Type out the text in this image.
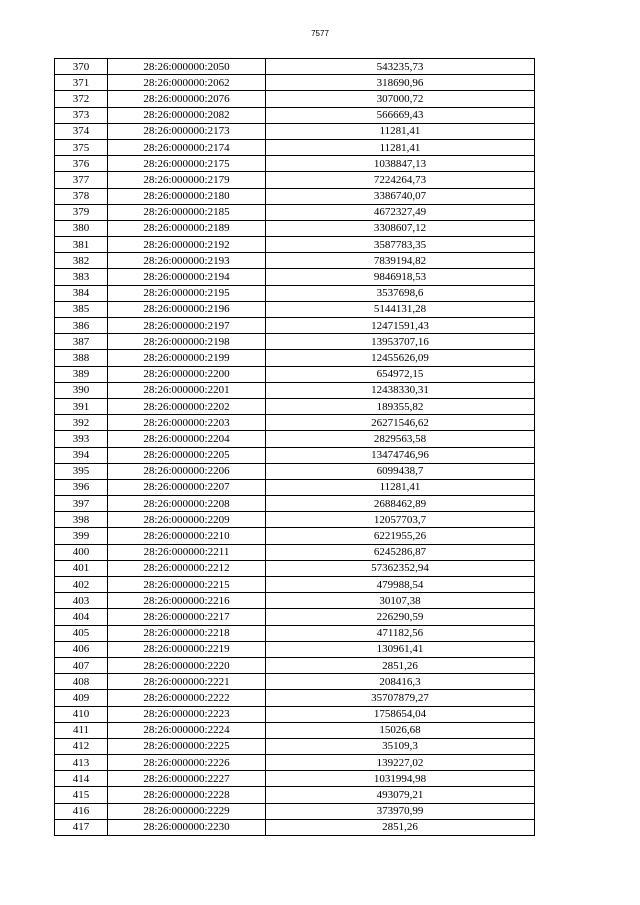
7577
370	28:26:000000:2050	543235,73
371	28:26:000000:2062	318690,96
372	28:26:000000:2076	307000,72
373	28:26:000000:2082	566669,43
374	28:26:000000:2173	11281,41
375	28:26:000000:2174	11281,41
376	28:26:000000:2175	1038847,13
377	28:26:000000:2179	7224264,73
378	28:26:000000:2180	3386740,07
379	28:26:000000:2185	4672327,49
380	28:26:000000:2189	3308607,12
381	28:26:000000:2192	3587783,35
382	28:26:000000:2193	7839194,82
383	28:26:000000:2194	9846918,53
384	28:26:000000:2195	3537698,6
385	28:26:000000:2196	5144131,28
386	28:26:000000:2197	12471591,43
387	28:26:000000:2198	13953707,16
388	28:26:000000:2199	12455626,09
389	28:26:000000:2200	654972,15
390	28:26:000000:2201	12438330,31
391	28:26:000000:2202	189355,82
392	28:26:000000:2203	26271546,62
393	28:26:000000:2204	2829563,58
394	28:26:000000:2205	13474746,96
395	28:26:000000:2206	6099438,7
396	28:26:000000:2207	11281,41
397	28:26:000000:2208	2688462,89
398	28:26:000000:2209	12057703,7
399	28:26:000000:2210	6221955,26
400	28:26:000000:2211	6245286,87
401	28:26:000000:2212	57362352,94
402	28:26:000000:2215	479988,54
403	28:26:000000:2216	30107,38
404	28:26:000000:2217	226290,59
405	28:26:000000:2218	471182,56
406	28:26:000000:2219	130961,41
407	28:26:000000:2220	2851,26
408	28:26:000000:2221	208416,3
409	28:26:000000:2222	35707879,27
410	28:26:000000:2223	1758654,04
411	28:26:000000:2224	15026,68
412	28:26:000000:2225	35109,3
413	28:26:000000:2226	139227,02
414	28:26:000000:2227	1031994,98
415	28:26:000000:2228	493079,21
416	28:26:000000:2229	373970,99
417	28:26:000000:2230	2851,26
